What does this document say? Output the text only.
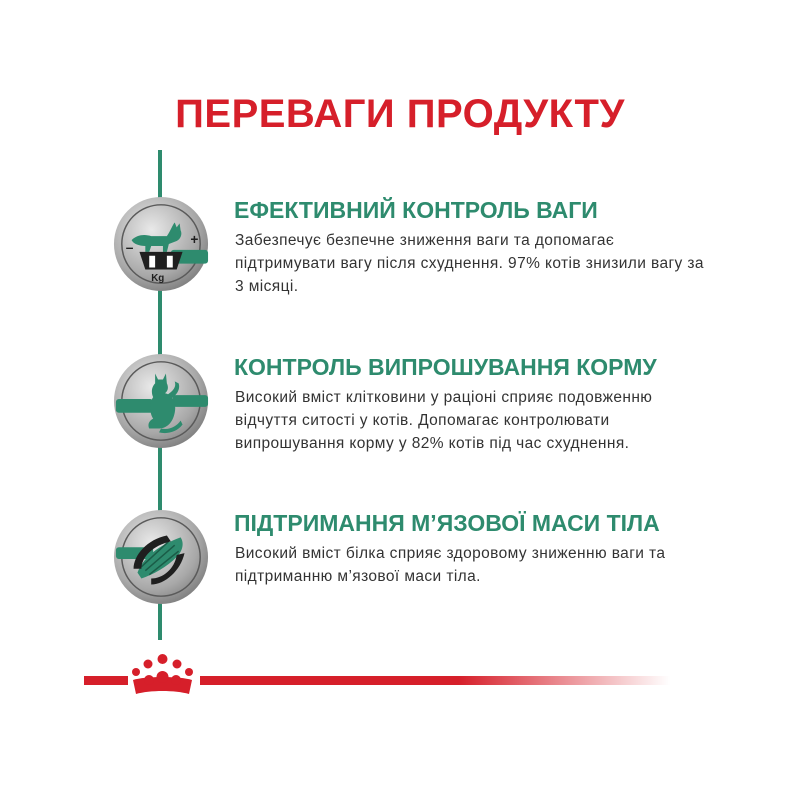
ПЕРЕВАГИ ПРОДУКТУ
–
+
Kg
ЕФЕКТИВНИЙ КОНТРОЛЬ ВАГИ
Забезпечує безпечне зниження ваги та допомагає підтримувати вагу після схуднення. 97% котів знизили вагу за 3 місяці.
КОНТРОЛЬ ВИПРОШУВАННЯ КОРМУ
Високий вміст клітковини у раціоні сприяє подовженню відчуття ситості у котів. Допомагає контролювати випрошування корму у 82% котів під час схуднення.
ПІДТРИМАННЯ М’ЯЗОВОЇ МАСИ ТІЛА
Високий вміст білка сприяє здоровому зниженню ваги та підтриманню м’язової маси тіла.
